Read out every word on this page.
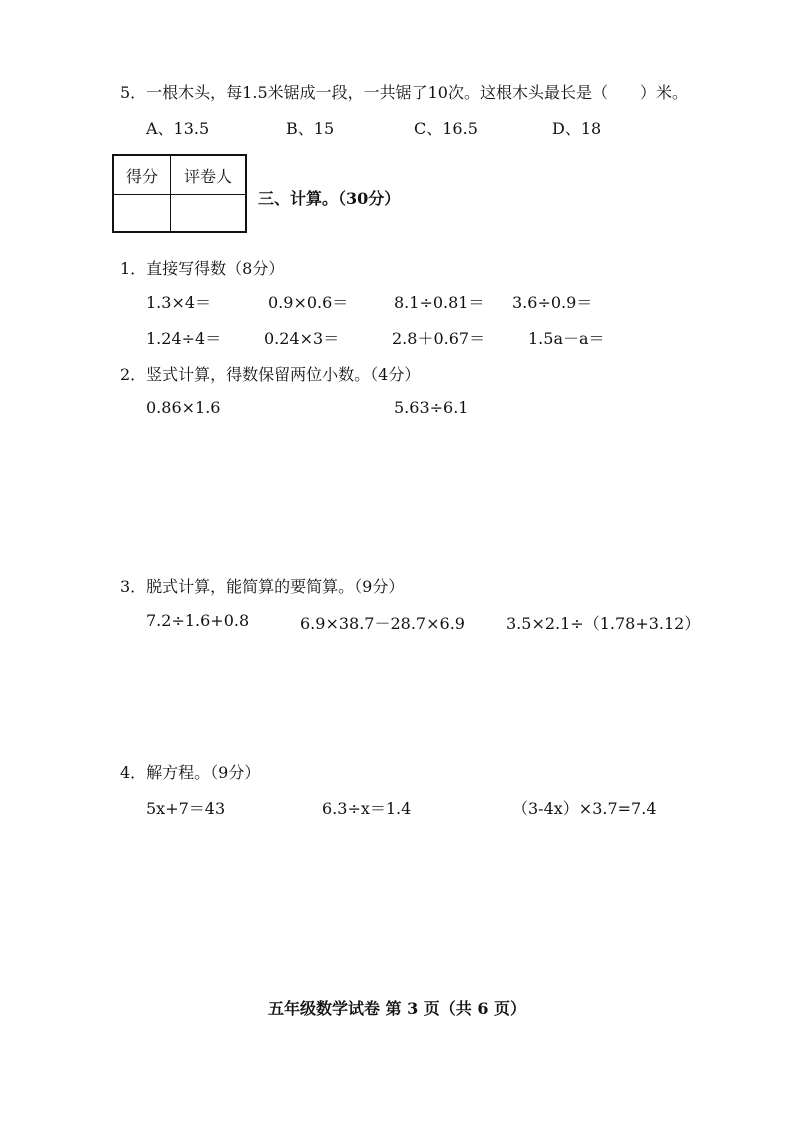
5．一根木头，每1.5米锯成一段，一共锯了10次。这根木头最长是（　　）米。
A、13.5	B、15	C、16.5	D、18
得分	评卷人

三、计算。（30分）
1．直接写得数（8分）
1.3×4＝	0.9×0.6＝	8.1÷0.81＝ 3.6÷0.9＝
1.24÷4＝	0.24×3＝	2.8＋0.67＝	1.5a－a＝
2．竖式计算，得数保留两位小数。（4分）
0.86×1.6	5.63÷6.1
3．脱式计算，能简算的要简算。（9分）
7.2÷1.6+0.8	6.9×38.7－28.7×6.9	3.5×2.1÷（1.78+3.12）
4．解方程。（9分）
5x+7＝43	6.3÷x＝1.4	（3-4x）×3.7=7.4
五年级数学试卷 第 3 页（共 6 页）
